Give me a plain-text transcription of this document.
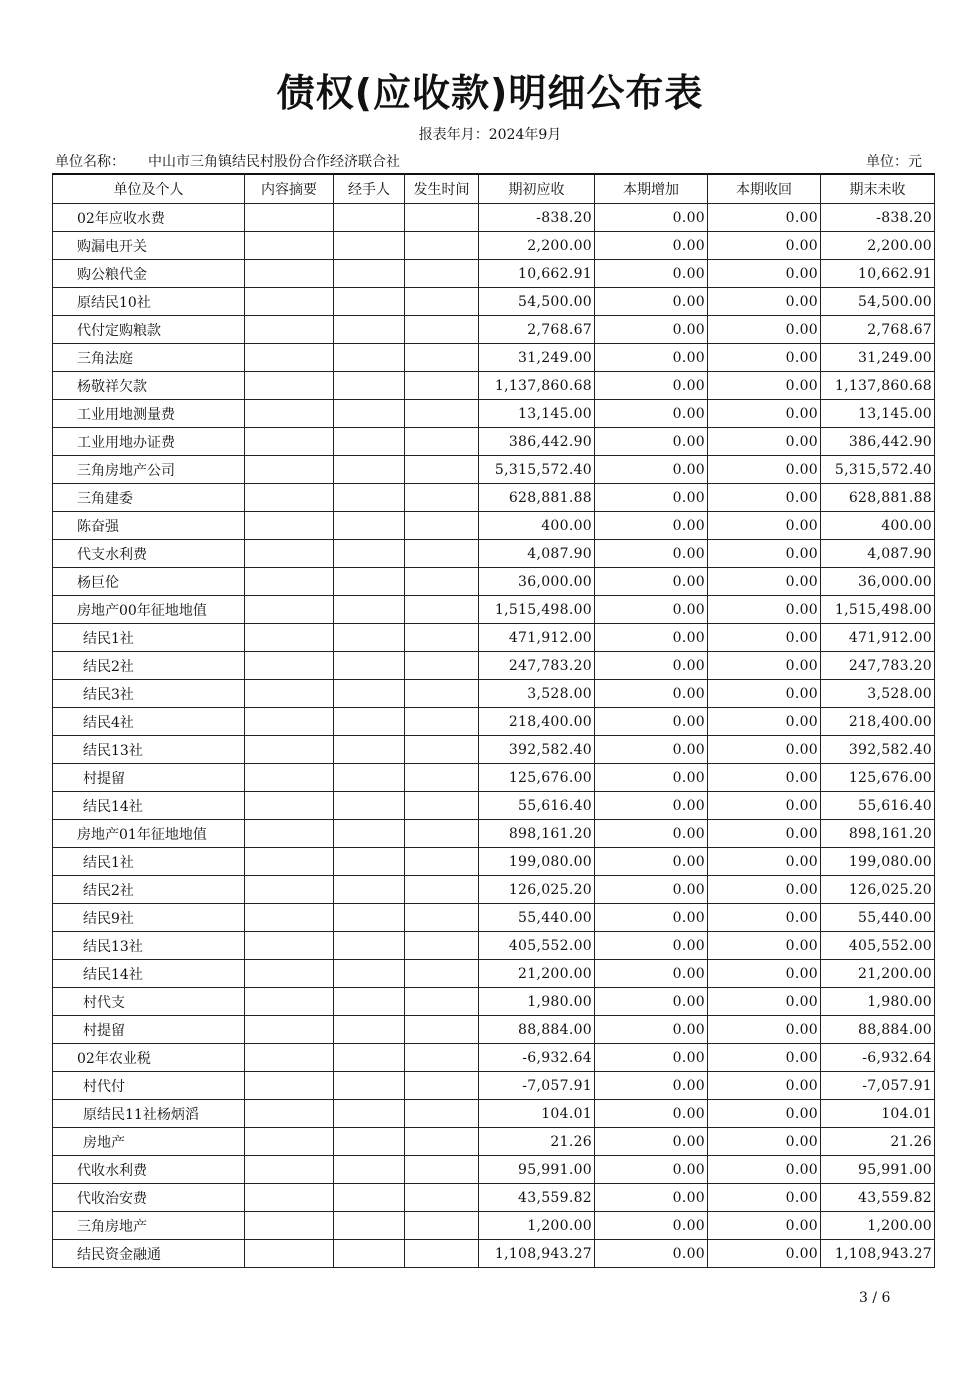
债权(应收款)明细公布表
报表年月：2024年9月
单位名称： 中山市三角镇结民村股份合作经济联合社	单位：元
单位及个人	内容摘要	经手人	发生时间	期初应收	本期增加	本期收回	期末未收
02年应收水费				-838.20	0.00	0.00	-838.20
购漏电开关				2,200.00	0.00	0.00	2,200.00
购公粮代金				10,662.91	0.00	0.00	10,662.91
原结民10社				54,500.00	0.00	0.00	54,500.00
代付定购粮款				2,768.67	0.00	0.00	2,768.67
三角法庭				31,249.00	0.00	0.00	31,249.00
杨敬祥欠款				1,137,860.68	0.00	0.00	1,137,860.68
工业用地测量费				13,145.00	0.00	0.00	13,145.00
工业用地办证费				386,442.90	0.00	0.00	386,442.90
三角房地产公司				5,315,572.40	0.00	0.00	5,315,572.40
三角建委				628,881.88	0.00	0.00	628,881.88
陈奋强				400.00	0.00	0.00	400.00
代支水利费				4,087.90	0.00	0.00	4,087.90
杨巨伦				36,000.00	0.00	0.00	36,000.00
房地产00年征地地值				1,515,498.00	0.00	0.00	1,515,498.00
结民1社				471,912.00	0.00	0.00	471,912.00
结民2社				247,783.20	0.00	0.00	247,783.20
结民3社				3,528.00	0.00	0.00	3,528.00
结民4社				218,400.00	0.00	0.00	218,400.00
结民13社				392,582.40	0.00	0.00	392,582.40
村提留				125,676.00	0.00	0.00	125,676.00
结民14社				55,616.40	0.00	0.00	55,616.40
房地产01年征地地值				898,161.20	0.00	0.00	898,161.20
结民1社				199,080.00	0.00	0.00	199,080.00
结民2社				126,025.20	0.00	0.00	126,025.20
结民9社				55,440.00	0.00	0.00	55,440.00
结民13社				405,552.00	0.00	0.00	405,552.00
结民14社				21,200.00	0.00	0.00	21,200.00
村代支				1,980.00	0.00	0.00	1,980.00
村提留				88,884.00	0.00	0.00	88,884.00
02年农业税				-6,932.64	0.00	0.00	-6,932.64
村代付				-7,057.91	0.00	0.00	-7,057.91
原结民11社杨炳滔				104.01	0.00	0.00	104.01
房地产				21.26	0.00	0.00	21.26
代收水利费				95,991.00	0.00	0.00	95,991.00
代收治安费				43,559.82	0.00	0.00	43,559.82
三角房地产				1,200.00	0.00	0.00	1,200.00
结民资金融通				1,108,943.27	0.00	0.00	1,108,943.27
3 / 6
